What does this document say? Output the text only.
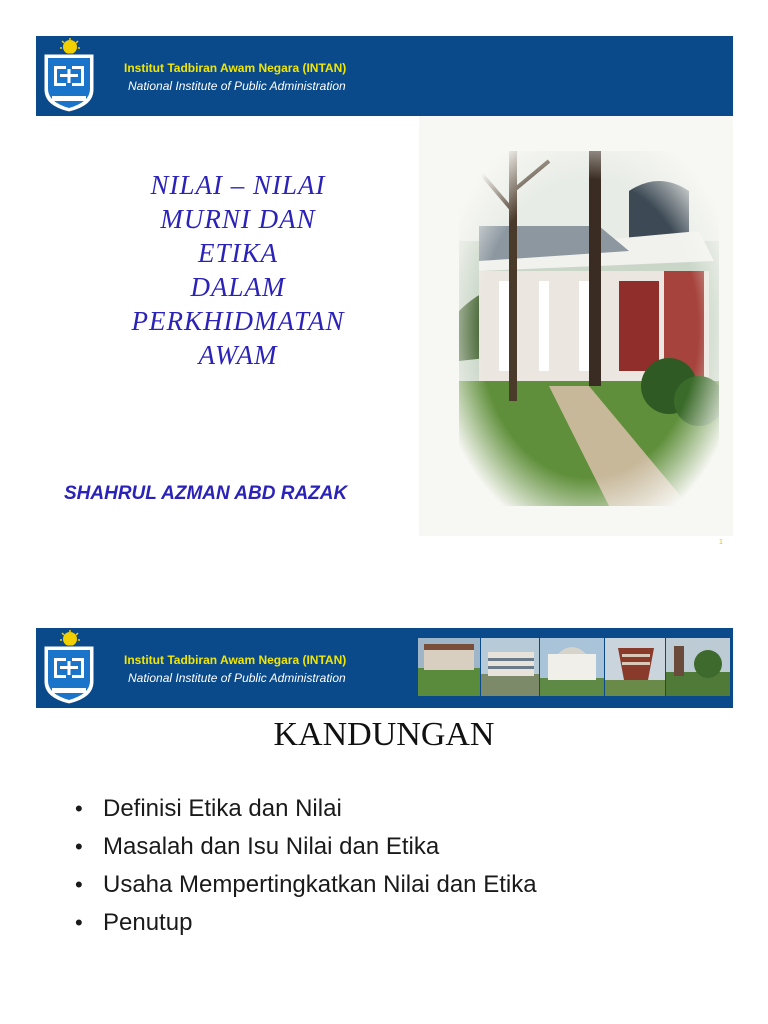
Institut Tadbiran Awam Negara (INTAN)
National Institute of Public Administration
NILAI – NILAI
MURNI DAN
ETIKA
DALAM
PERKHIDMATAN
AWAM
SHAHRUL AZMAN ABD RAZAK
1
Institut Tadbiran Awam Negara (INTAN)
National Institute of Public Administration
KANDUNGAN
• Definisi Etika dan Nilai
• Masalah dan Isu Nilai dan Etika
• Usaha Mempertingkatkan Nilai dan Etika
• Penutup
